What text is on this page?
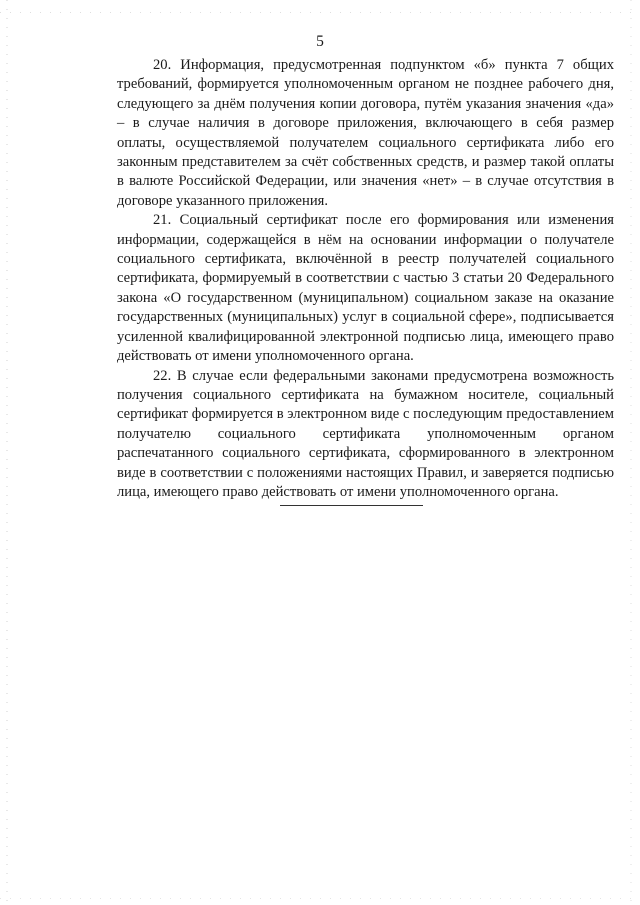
5

20. Информация, предусмотренная подпунктом «б» пункта 7 общих требований, формируется уполномоченным органом не позднее рабочего дня, следующего за днём получения копии договора, путём указания значения «да» – в случае наличия в договоре приложения, включающего в себя размер оплаты, осуществляемой получателем социального сертификата либо его законным представителем за счёт собственных средств, и размер такой оплаты в валюте Российской Федерации, или значения «нет» – в случае отсутствия в договоре указанного приложения.

21. Социальный сертификат после его формирования или изменения информации, содержащейся в нём на основании информации о получателе социального сертификата, включённой в реестр получателей социального сертификата, формируемый в соответствии с частью 3 статьи 20 Федерального закона «О государственном (муниципальном) социальном заказе на оказание государственных (муниципальных) услуг в социальной сфере», подписывается усиленной квалифицированной электронной подписью лица, имеющего право действовать от имени уполномоченного органа.

22. В случае если федеральными законами предусмотрена возможность получения социального сертификата на бумажном носителе, социальный сертификат формируется в электронном виде с последующим предоставлением получателю социального сертификата уполномоченным органом распечатанного социального сертификата, сформированного в электронном виде в соответствии с положениями настоящих Правил, и заверяется подписью лица, имеющего право действовать от имени уполномоченного органа.
